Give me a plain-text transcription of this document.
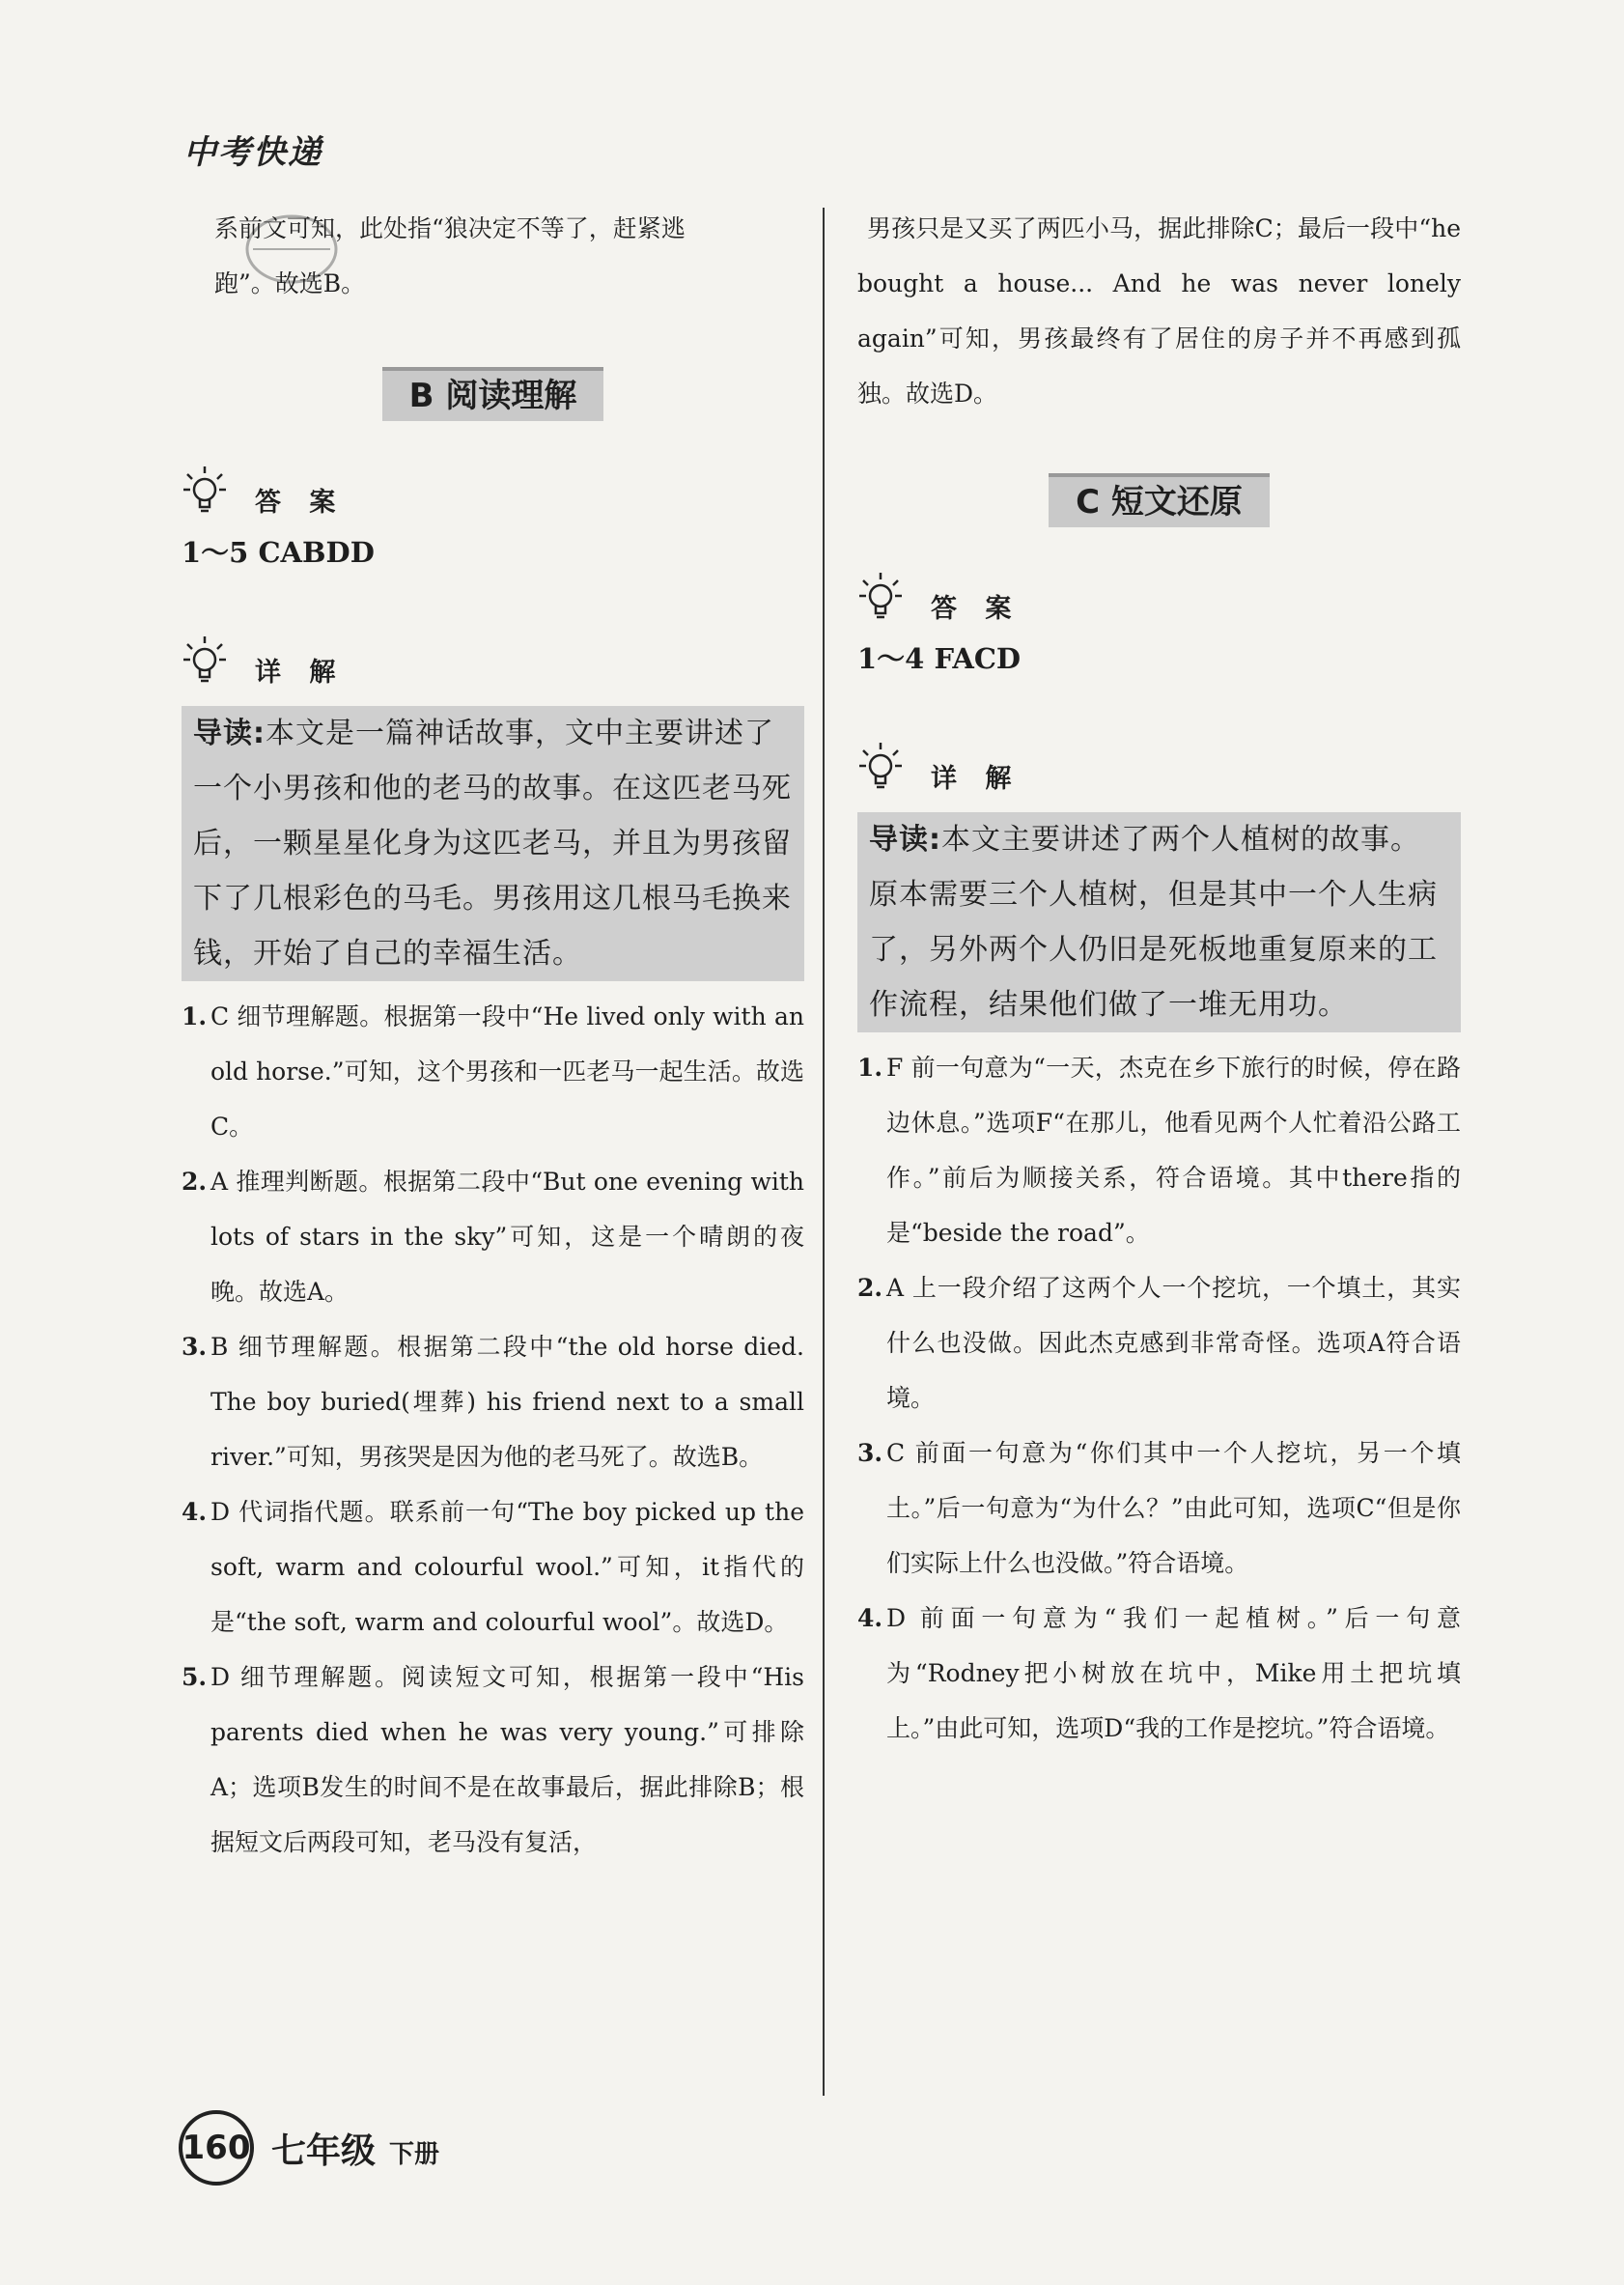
中考快递
系前文可知，此处指“狼决定不等了，赶紧逃
跑”。故选B。
B 阅读理解
答 案
1～5 CABDD
详 解
导读:本文是一篇神话故事，文中主要讲述了一个小男孩和他的老马的故事。在这匹老马死后，一颗星星化身为这匹老马，并且为男孩留下了几根彩色的马毛。男孩用这几根马毛换来钱，开始了自己的幸福生活。
1. C 细节理解题。根据第一段中“He lived only with an old horse.”可知，这个男孩和一匹老马一起生活。故选C。
2. A 推理判断题。根据第二段中“But one evening with lots of stars in the sky”可知，这是一个晴朗的夜晚。故选A。
3. B 细节理解题。根据第二段中“the old horse died. The boy buried(埋葬) his friend next to a small river.”可知，男孩哭是因为他的老马死了。故选B。
4. D 代词指代题。联系前一句“The boy picked up the soft, warm and colourful wool.”可知，it指代的是“the soft, warm and colourful wool”。故选D。
5. D 细节理解题。阅读短文可知，根据第一段中“His parents died when he was very young.”可排除A；选项B发生的时间不是在故事最后，据此排除B；根据短文后两段可知，老马没有复活，
男孩只是又买了两匹小马，据此排除C；最后一段中“he bought a house... And he was never lonely again”可知，男孩最终有了居住的房子并不再感到孤独。故选D。
C 短文还原
答 案
1～4 FACD
详 解
导读:本文主要讲述了两个人植树的故事。原本需要三个人植树，但是其中一个人生病了，另外两个人仍旧是死板地重复原来的工作流程，结果他们做了一堆无用功。
1. F 前一句意为“一天，杰克在乡下旅行的时候，停在路边休息。”选项F“在那儿，他看见两个人忙着沿公路工作。”前后为顺接关系，符合语境。其中there指的是“beside the road”。
2. A 上一段介绍了这两个人一个挖坑，一个填土，其实什么也没做。因此杰克感到非常奇怪。选项A符合语境。
3. C 前面一句意为“你们其中一个人挖坑，另一个填土。”后一句意为“为什么？”由此可知，选项C“但是你们实际上什么也没做。”符合语境。
4. D 前面一句意为“我们一起植树。”后一句意为“Rodney把小树放在坑中，Mike用土把坑填上。”由此可知，选项D“我的工作是挖坑。”符合语境。
160 七年级 下册
